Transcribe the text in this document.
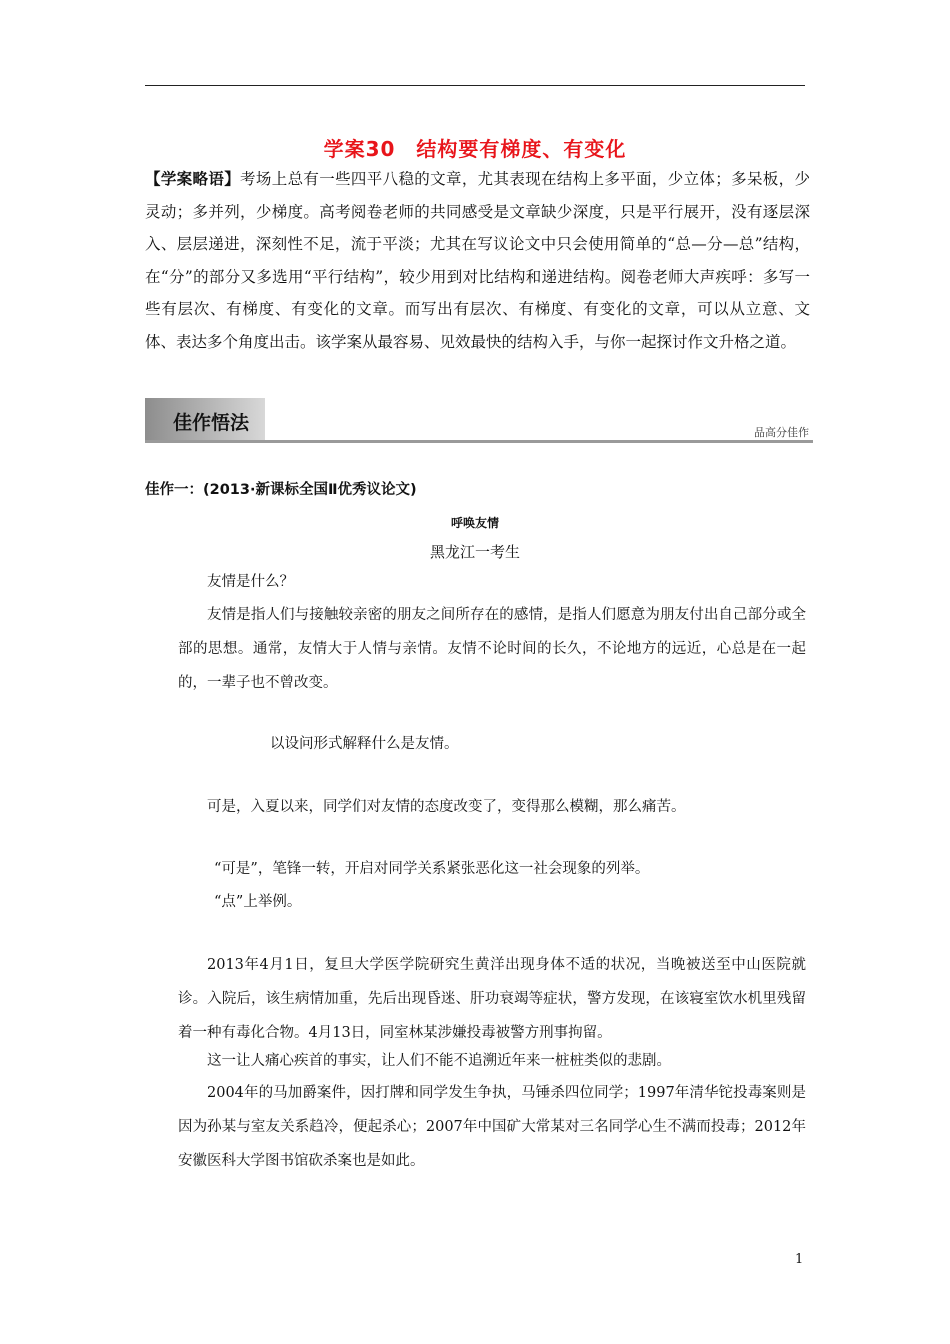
学案30　结构要有梯度、有变化

【学案略语】考场上总有一些四平八稳的文章，尤其表现在结构上多平面，少立体；多呆板，少灵动；多并列，少梯度。高考阅卷老师的共同感受是文章缺少深度，只是平行展开，没有逐层深入、层层递进，深刻性不足，流于平淡；尤其在写议论文中只会使用简单的“总—分—总”结构，在“分”的部分又多选用“平行结构”，较少用到对比结构和递进结构。阅卷老师大声疾呼：多写一些有层次、有梯度、有变化的文章。而写出有层次、有梯度、有变化的文章，可以从立意、文体、表达多个角度出击。该学案从最容易、见效最快的结构入手，与你一起探讨作文升格之道。

佳作悟法	品高分佳作
佳作一：(2013·新课标全国Ⅱ优秀议论文)
呼唤友情
黑龙江一考生

友情是什么？

友情是指人们与接触较亲密的朋友之间所存在的感情，是指人们愿意为朋友付出自己部分或全部的思想。通常，友情大于人情与亲情。友情不论时间的长久，不论地方的远近，心总是在一起的，一辈子也不曾改变。

以设问形式解释什么是友情。

可是，入夏以来，同学们对友情的态度改变了，变得那么模糊，那么痛苦。

“可是”，笔锋一转，开启对同学关系紧张恶化这一社会现象的列举。

“点”上举例。

2013年4月1日，复旦大学医学院研究生黄洋出现身体不适的状况，当晚被送至中山医院就诊。入院后，该生病情加重，先后出现昏迷、肝功衰竭等症状，警方发现，在该寝室饮水机里残留着一种有毒化合物。4月13日，同室林某涉嫌投毒被警方刑事拘留。

这一让人痛心疾首的事实，让人们不能不追溯近年来一桩桩类似的悲剧。

2004年的马加爵案件，因打牌和同学发生争执，马锤杀四位同学；1997年清华铊投毒案则是因为孙某与室友关系趋冷，便起杀心；2007年中国矿大常某对三名同学心生不满而投毒；2012年安徽医科大学图书馆砍杀案也是如此。

1
